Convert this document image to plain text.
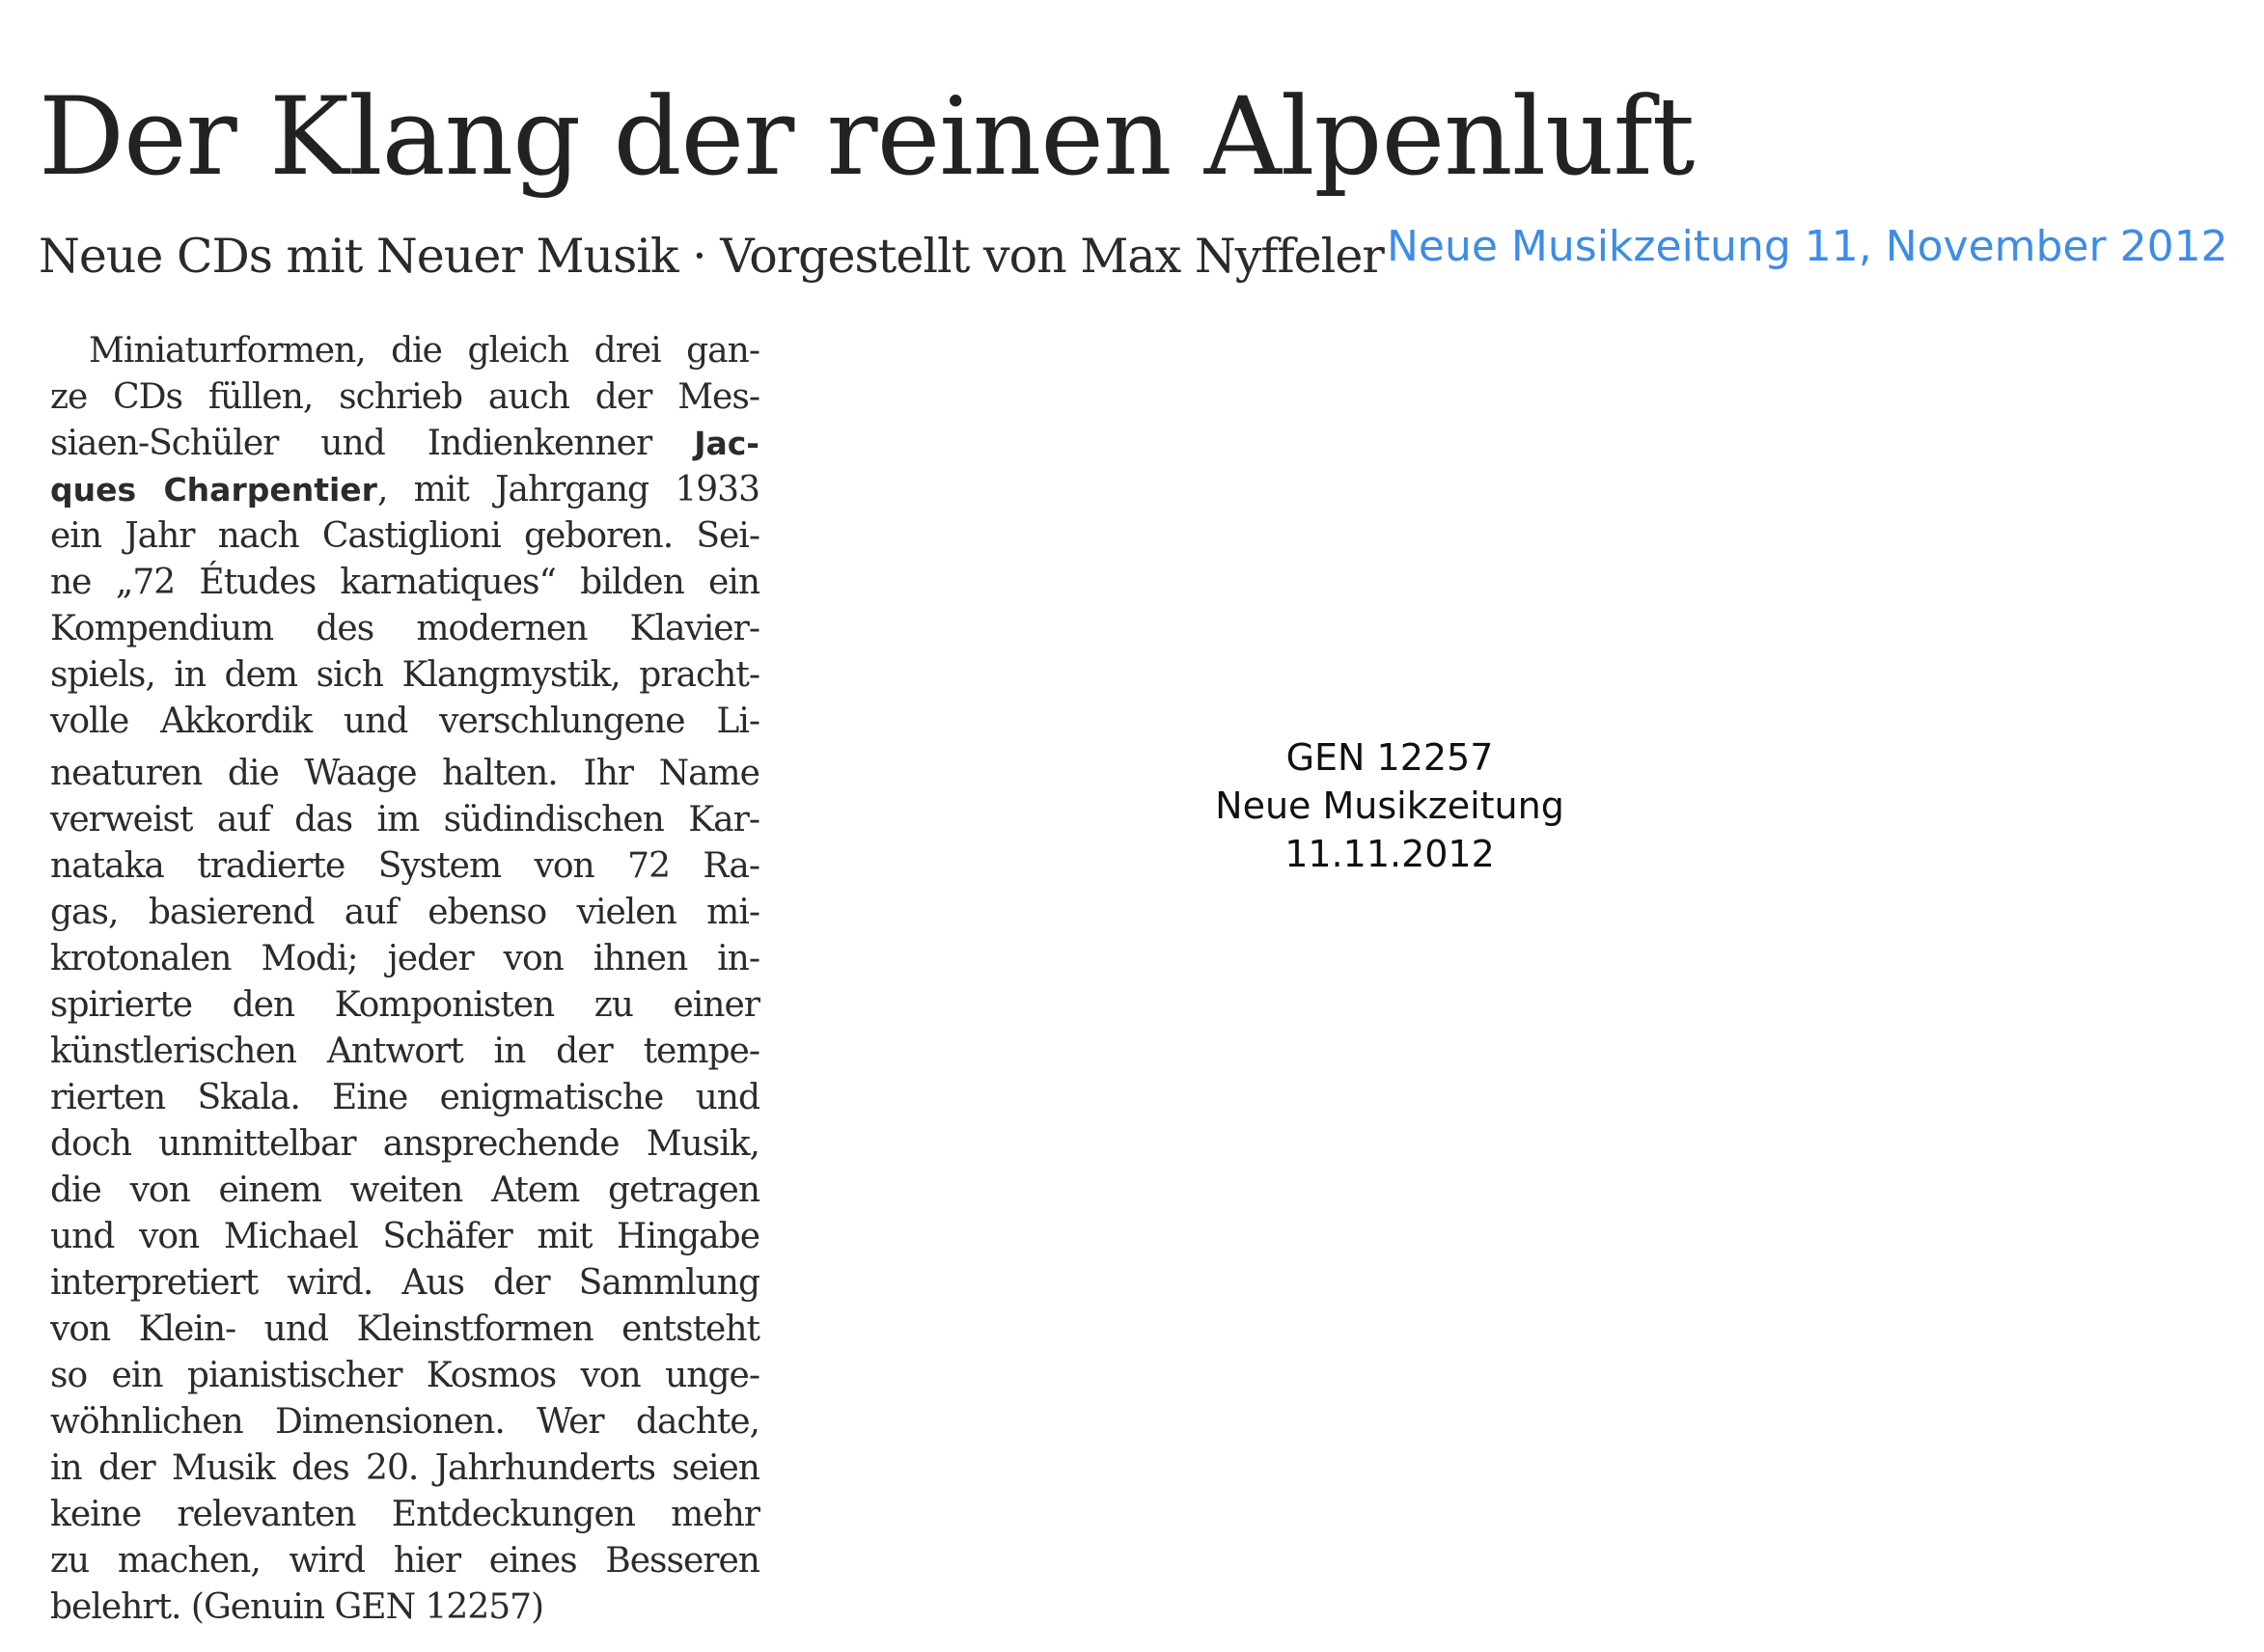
Der Klang der reinen Alpenluft
Neue CDs mit Neuer Musik · Vorgestellt von Max Nyffeler Neue Musikzeitung 11, November 2012

Miniaturformen, die gleich drei gan-
ze CDs füllen, schrieb auch der Mes-
siaen-Schüler und Indienkenner Jac-
ques Charpentier, mit Jahrgang 1933
ein Jahr nach Castiglioni geboren. Sei-
ne „72 Études karnatiques“ bilden ein
Kompendium des modernen Klavier-
spiels, in dem sich Klangmystik, pracht-
volle Akkordik und verschlungene Li-
neaturen die Waage halten. Ihr Name
verweist auf das im südindischen Kar-
nataka tradierte System von 72 Ra-
gas, basierend auf ebenso vielen mi-
krotonalen Modi; jeder von ihnen in-
spirierte den Komponisten zu einer
künstlerischen Antwort in der tempe-
rierten Skala. Eine enigmatische und
doch unmittelbar ansprechende Musik,
die von einem weiten Atem getragen
und von Michael Schäfer mit Hingabe
interpretiert wird. Aus der Sammlung
von Klein- und Kleinstformen entsteht
so ein pianistischer Kosmos von unge-
wöhnlichen Dimensionen. Wer dachte,
in der Musik des 20. Jahrhunderts seien
keine relevanten Entdeckungen mehr
zu machen, wird hier eines Besseren
belehrt. (Genuin GEN 12257)

GEN 12257
Neue Musikzeitung
11.11.2012
